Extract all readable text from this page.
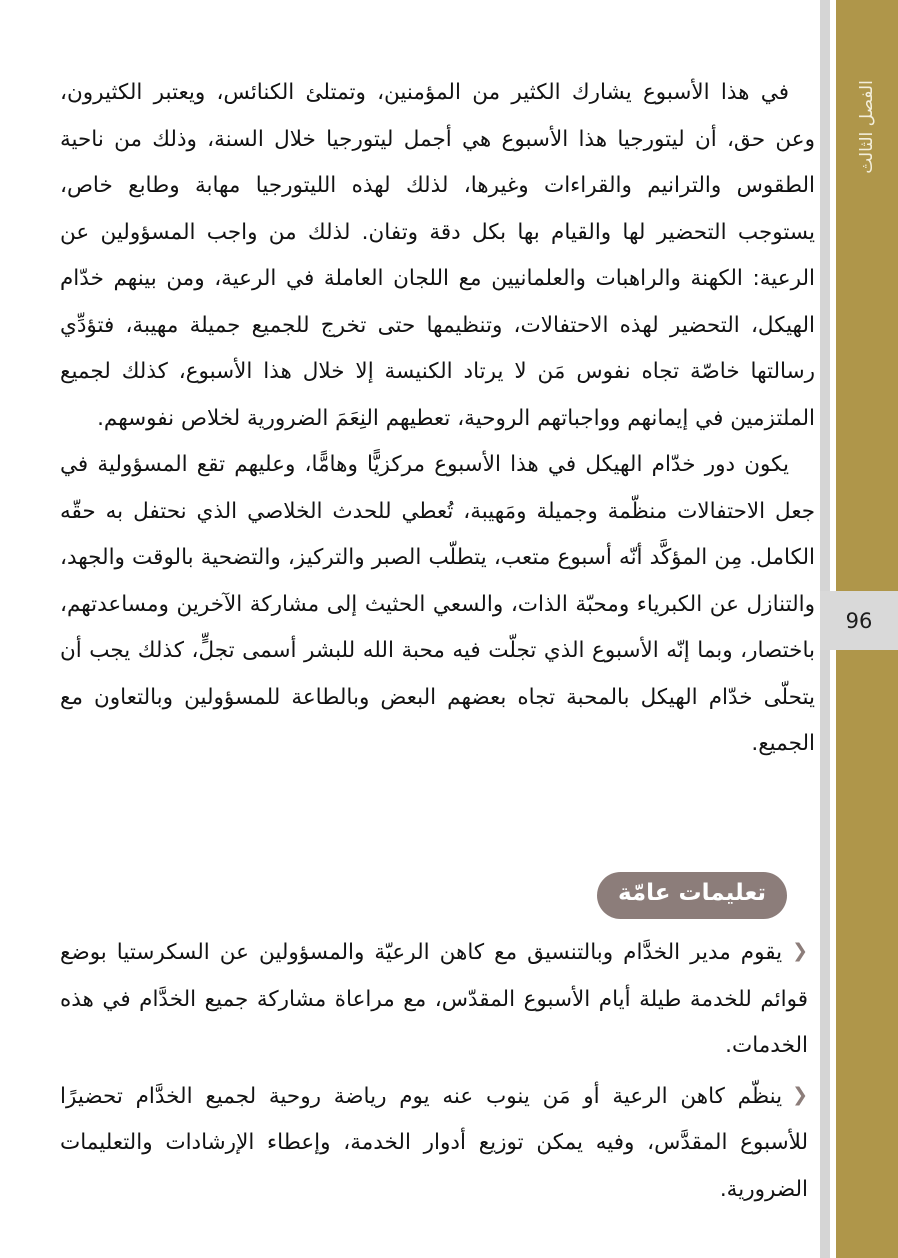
في هذا الأسبوع يشارك الكثير من المؤمنين، وتمتلئ الكنائس، ويعتبر الكثيرون، وعن حق، أن ليتورجيا هذا الأسبوع هي أجمل ليتورجيا خلال السنة، وذلك من ناحية الطقوس والترانيم والقراءات وغيرها، لذلك لهذه الليتورجيا مهابة وطابع خاص، يستوجب التحضير لها والقيام بها بكل دقة وتفان. لذلك من واجب المسؤولين عن الرعية: الكهنة والراهبات والعلمانيين مع اللجان العاملة في الرعية، ومن بينهم خدّام الهيكل، التحضير لهذه الاحتفالات، وتنظيمها حتى تخرج للجميع جميلة مهيبة، فتؤدِّي رسالتها خاصّة تجاه نفوس مَن لا يرتاد الكنيسة إلا خلال هذا الأسبوع، كذلك لجميع الملتزمين في إيمانهم وواجباتهم الروحية، تعطيهم النِعَمَ الضرورية لخلاص نفوسهم.

يكون دور خدّام الهيكل في هذا الأسبوع مركزيًّا وهامًّا، وعليهم تقع المسؤولية في جعل الاحتفالات منظّمة وجميلة ومَهيبة، تُعطي للحدث الخلاصي الذي نحتفل به حقّه الكامل. مِن المؤكَّد أنّه أسبوع متعب، يتطلّب الصبر والتركيز، والتضحية بالوقت والجهد، والتنازل عن الكبرياء ومحبّة الذات، والسعي الحثيث إلى مشاركة الآخرين ومساعدتهم، باختصار، وبما إنّه الأسبوع الذي تجلّت فيه محبة الله للبشر أسمى تجلٍّ، كذلك يجب أن يتحلّى خدّام الهيكل بالمحبة تجاه بعضهم البعض وبالطاعة للمسؤولين وبالتعاون مع الجميع.

تعليمات عامّة
❮يقوم مدير الخدَّام وبالتنسيق مع كاهن الرعيّة والمسؤولين عن السكرستيا بوضع قوائم للخدمة طيلة أيام الأسبوع المقدّس، مع مراعاة مشاركة جميع الخدَّام في هذه الخدمات.
❮ينظّم كاهن الرعية أو مَن ينوب عنه يوم رياضة روحية لجميع الخدَّام تحضيرًا للأسبوع المقدَّس، وفيه يمكن توزيع أدوار الخدمة، وإعطاء الإرشادات والتعليمات الضرورية.
الفصل الثالث
96
